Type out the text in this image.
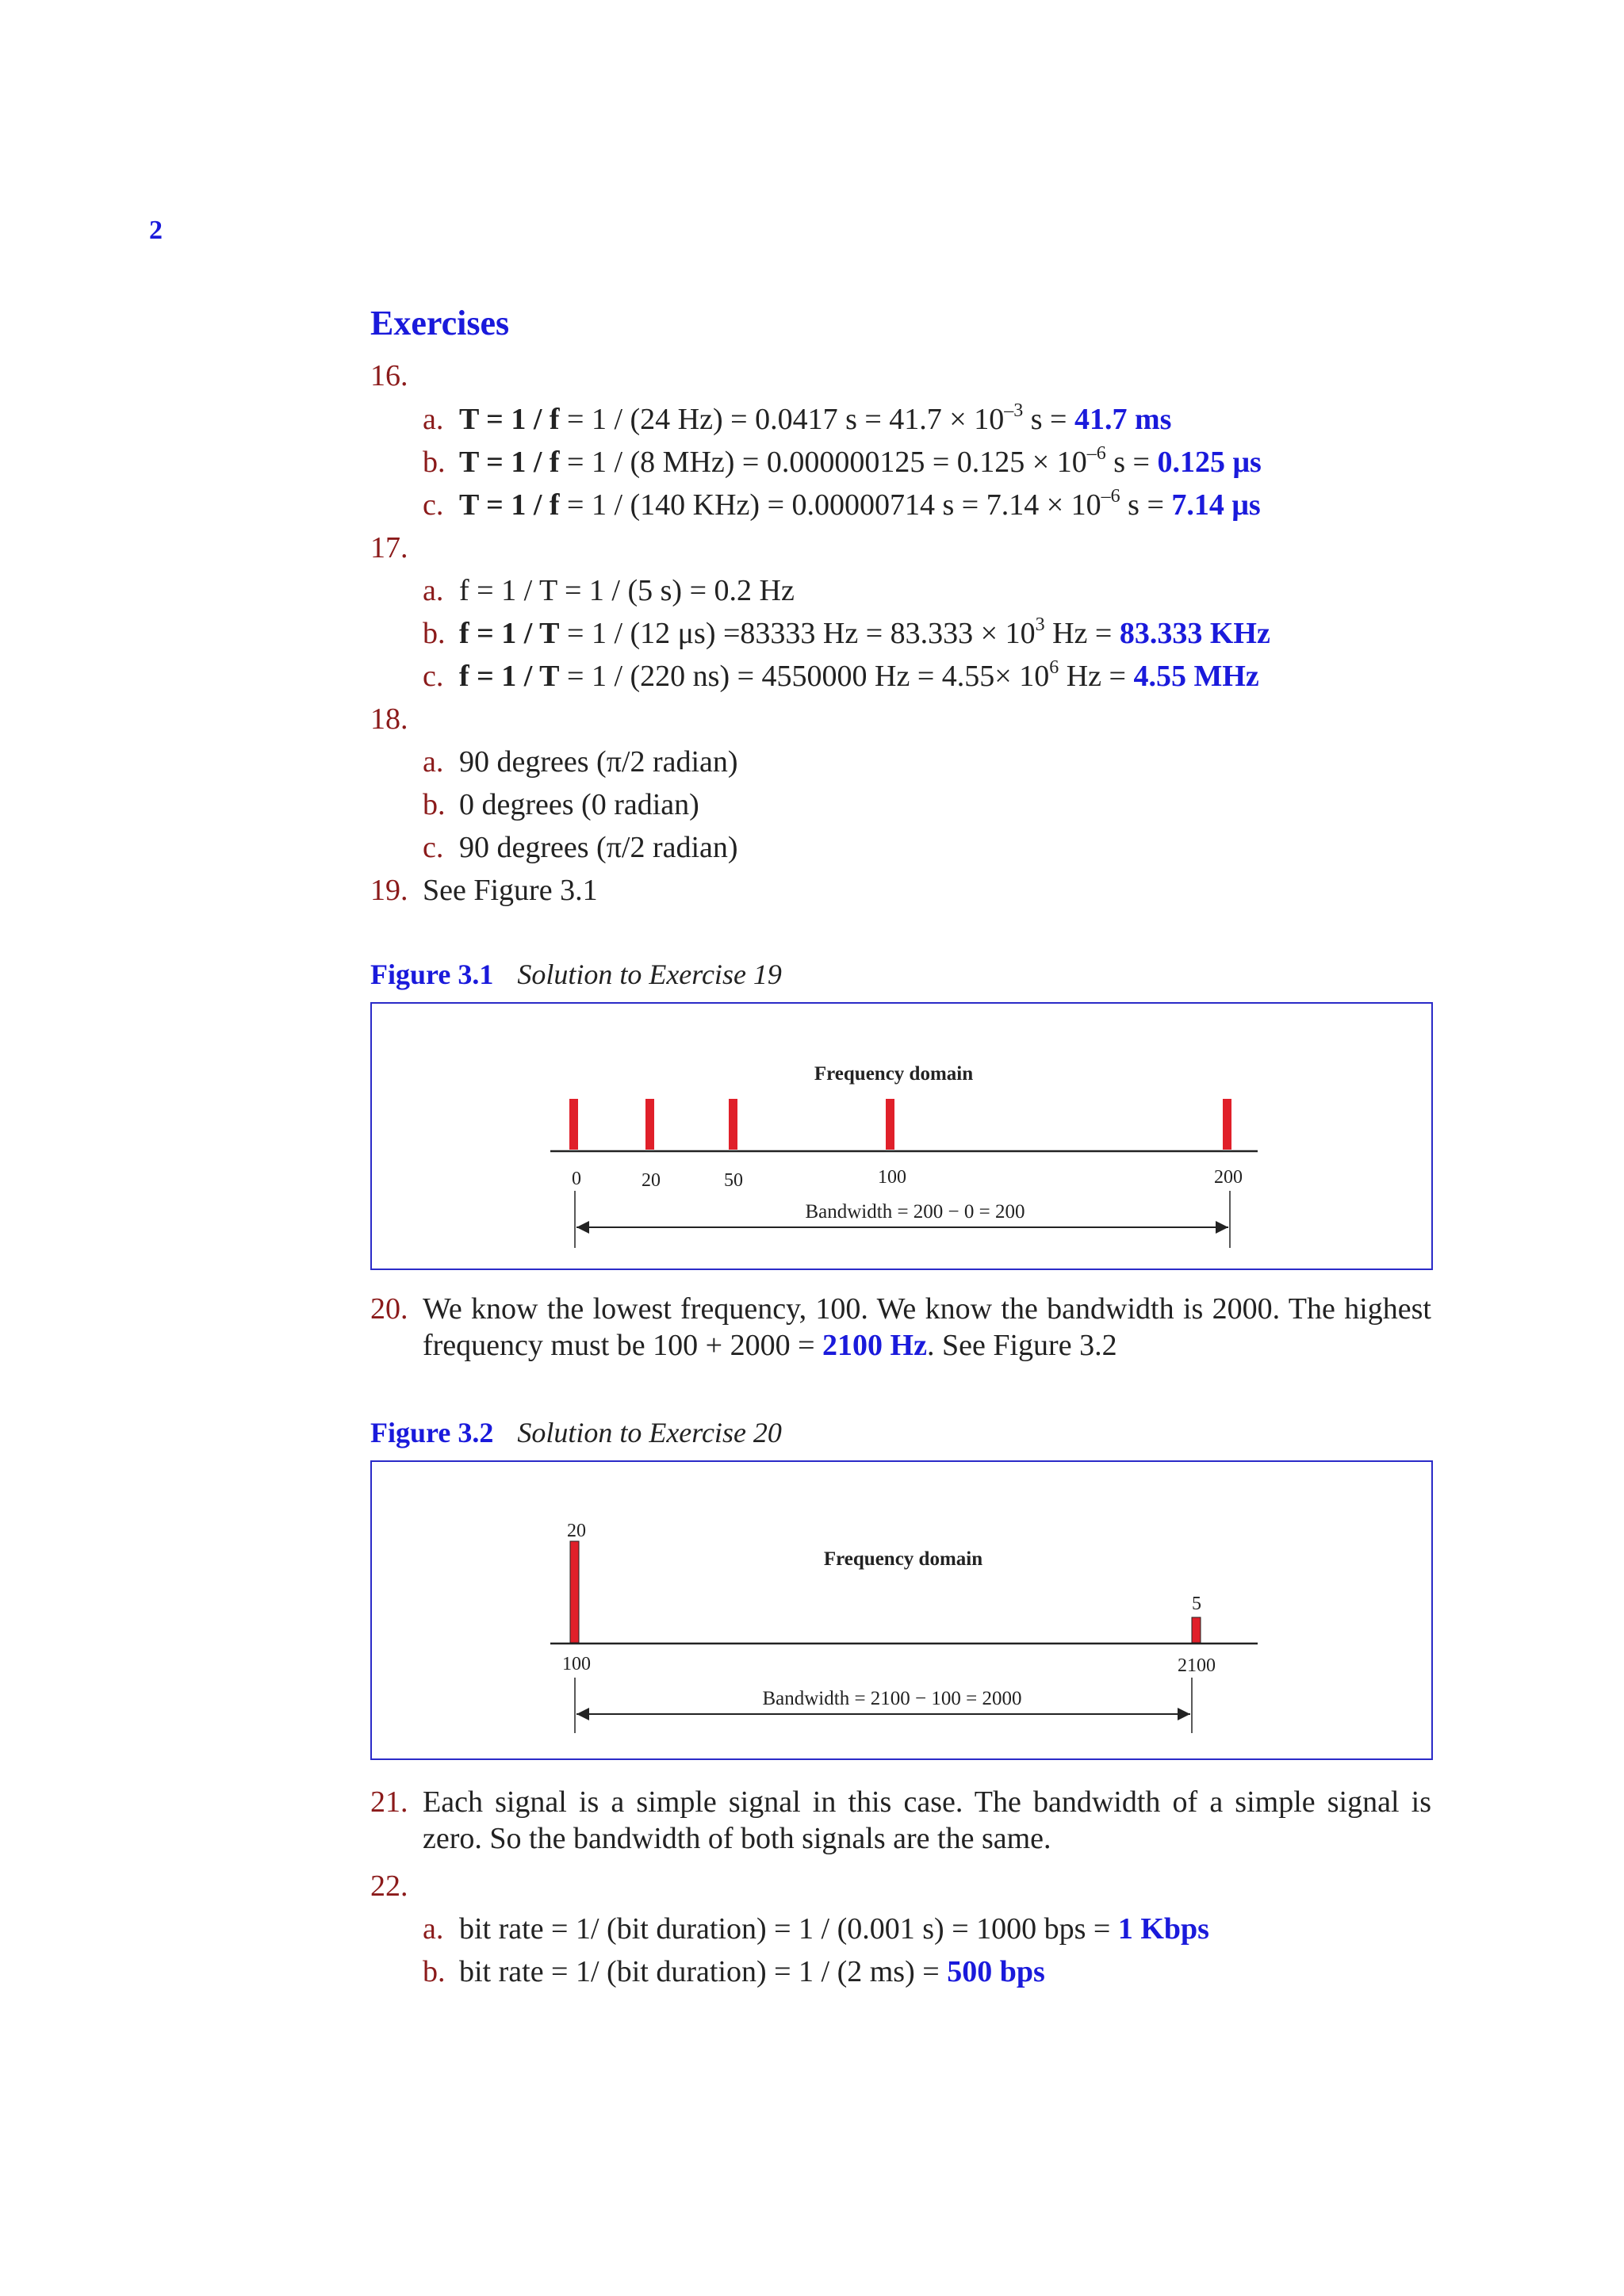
2
Exercises
16.
a. T = 1 / f = 1 / (24 Hz) = 0.0417 $s = 41.7 \times 10^{-3}$ s = 41.7 ms
b. T = 1 / f = 1 / (8 $MHz) = 0.000000125 = 0.125 \times 10^{-6}$ s = 0.125 μs
c. T = 1 / f = 1 / (140 KHz) = 0.00000714 $s = 7.14 \times 10^{-6}$ s = 7.14 μs
17.
a. f = 1 / T = 1 / (5 s) = 0.2 Hz
b. f = 1 / T = 1 / (12 μs) =83333 $Hz = 83.333 \times 10^3$ Hz = 83.333 KHz
c. f = 1 / T = 1 / (220 ns) = 4550000 $Hz = 4.55\times 10^6$ Hz = 4.55 MHz
18.
a. 90 degrees (π/2 radian)
b. 0 degrees (0 radian)
c. 90 degrees (π/2 radian)
19. See Figure 3.1
Figure 3.1 Solution to Exercise 19
Frequency domain
0	20	50	100	200
Bandwidth = 200 − 0 = 200
20. We know the lowest frequency, 100. We know the bandwidth is 2000. The highest frequency must be 100 + 2000 = 2100 Hz. See Figure 3.2
Figure 3.2 Solution to Exercise 20
20
Frequency domain
5
100	2100
Bandwidth = 2100 − 100 = 2000
21. Each signal is a simple signal in this case. The bandwidth of a simple signal is zero. So the bandwidth of both signals are the same.
22.
a. bit rate = 1/ (bit duration) = 1 / (0.001 s) = 1000 bps = 1 Kbps
b. bit rate = 1/ (bit duration) = 1 / (2 ms) = 500 bps
